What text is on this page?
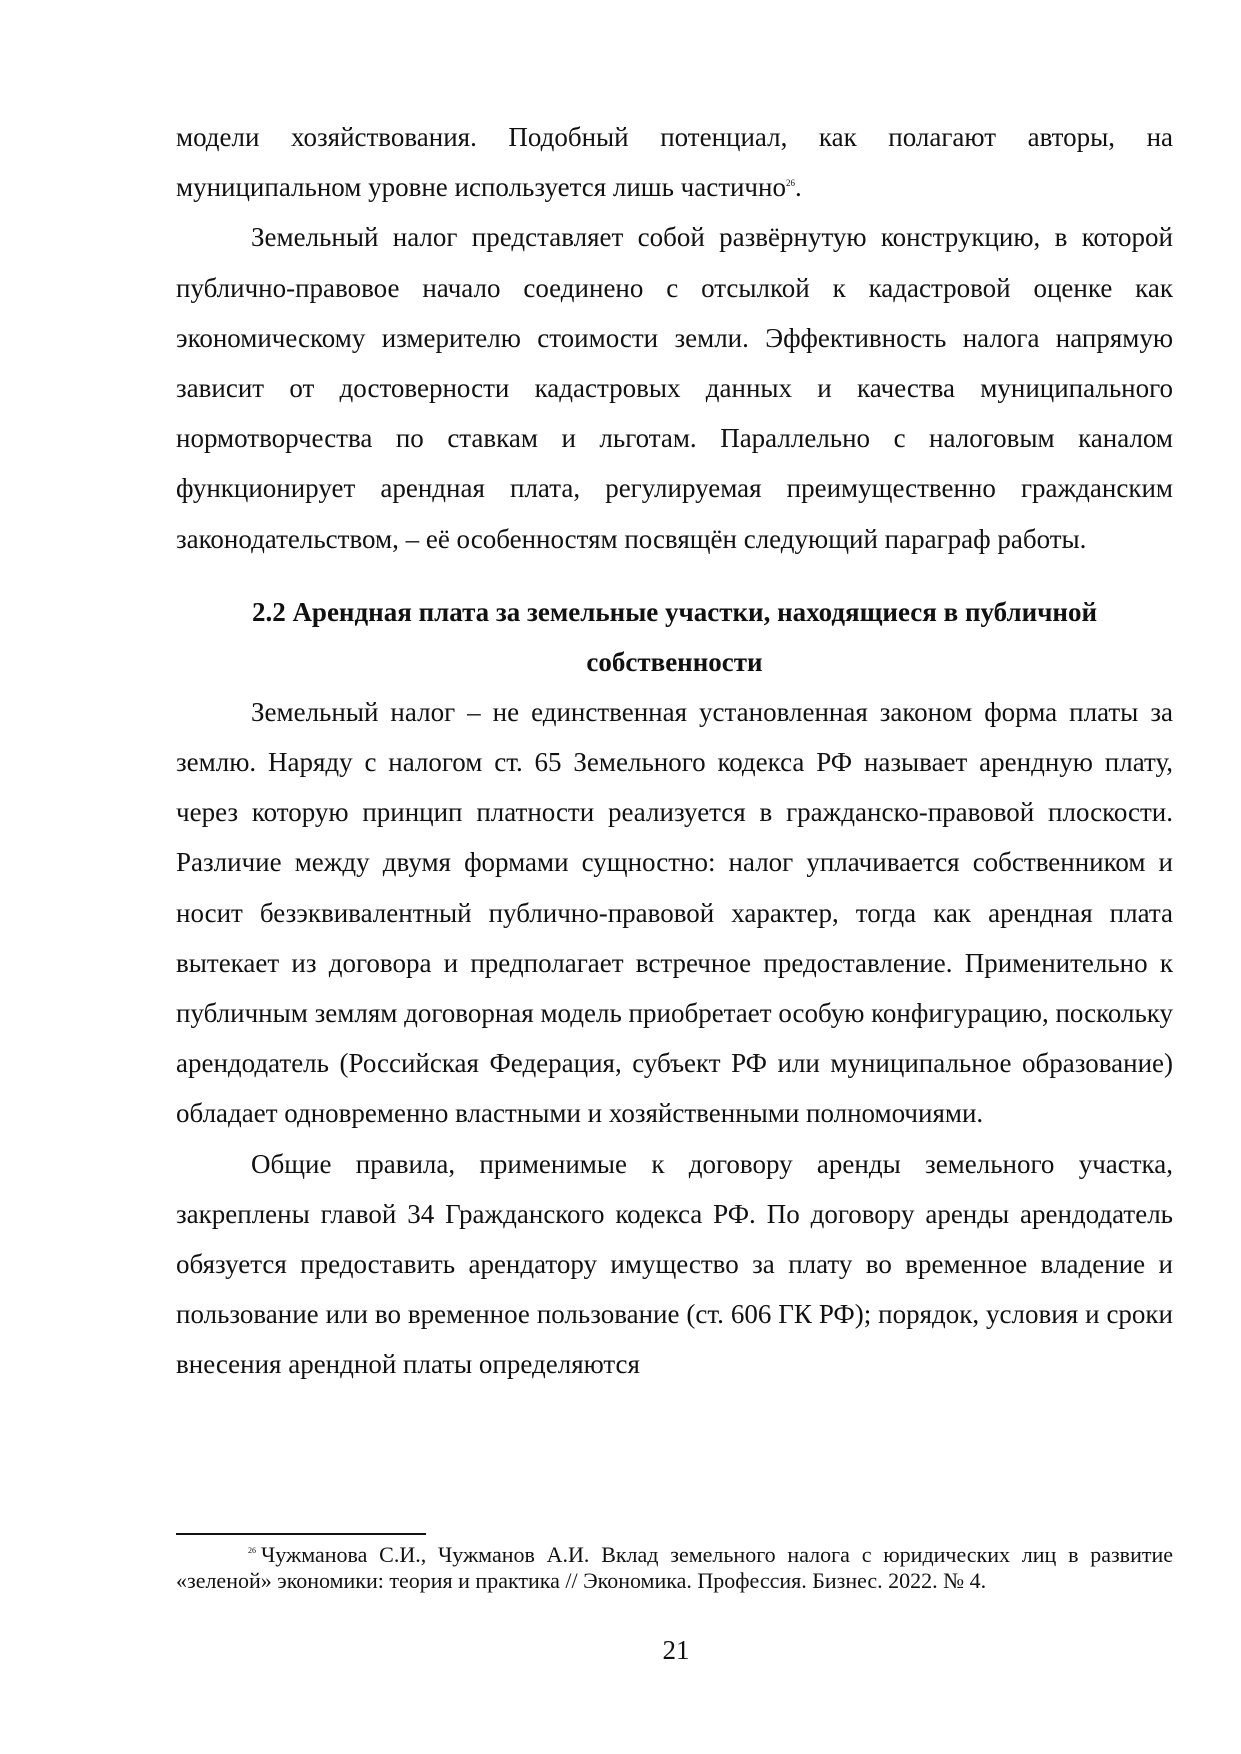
модели хозяйствования. Подобный потенциал, как полагают авторы, на муниципальном уровне используется лишь частично$^{26}$.

Земельный налог представляет собой развёрнутую конструкцию, в которой публично-правовое начало соединено с отсылкой к кадастровой оценке как экономическому измерителю стоимости земли. Эффективность налога напрямую зависит от достоверности кадастровых данных и качества муниципального нормотворчества по ставкам и льготам. Параллельно с налоговым каналом функционирует арендная плата, регулируемая преимущественно гражданским законодательством, – её особенностям посвящён следующий параграф работы.

2.2 Арендная плата за земельные участки, находящиеся в публичной собственности

Земельный налог – не единственная установленная законом форма платы за землю. Наряду с налогом ст. 65 Земельного кодекса РФ называет арендную плату, через которую принцип платности реализуется в гражданско-правовой плоскости. Различие между двумя формами сущностно: налог уплачивается собственником и носит безэквивалентный публично-правовой характер, тогда как арендная плата вытекает из договора и предполагает встречное предоставление. Применительно к публичным землям договорная модель приобретает особую конфигурацию, поскольку арендодатель (Российская Федерация, субъект РФ или муниципальное образование) обладает одновременно властными и хозяйственными полномочиями.

Общие правила, применимые к договору аренды земельного участка, закреплены главой 34 Гражданского кодекса РФ. По договору аренды арендодатель обязуется предоставить арендатору имущество за плату во временное владение и пользование или во временное пользование (ст. 606 ГК РФ); порядок, условия и сроки внесения арендной платы определяются

$^{26}$ Чужманова С.И., Чужманов А.И. Вклад земельного налога с юридических лиц в развитие «зеленой» экономики: теория и практика // Экономика. Профессия. Бизнес. 2022. № 4.

21
